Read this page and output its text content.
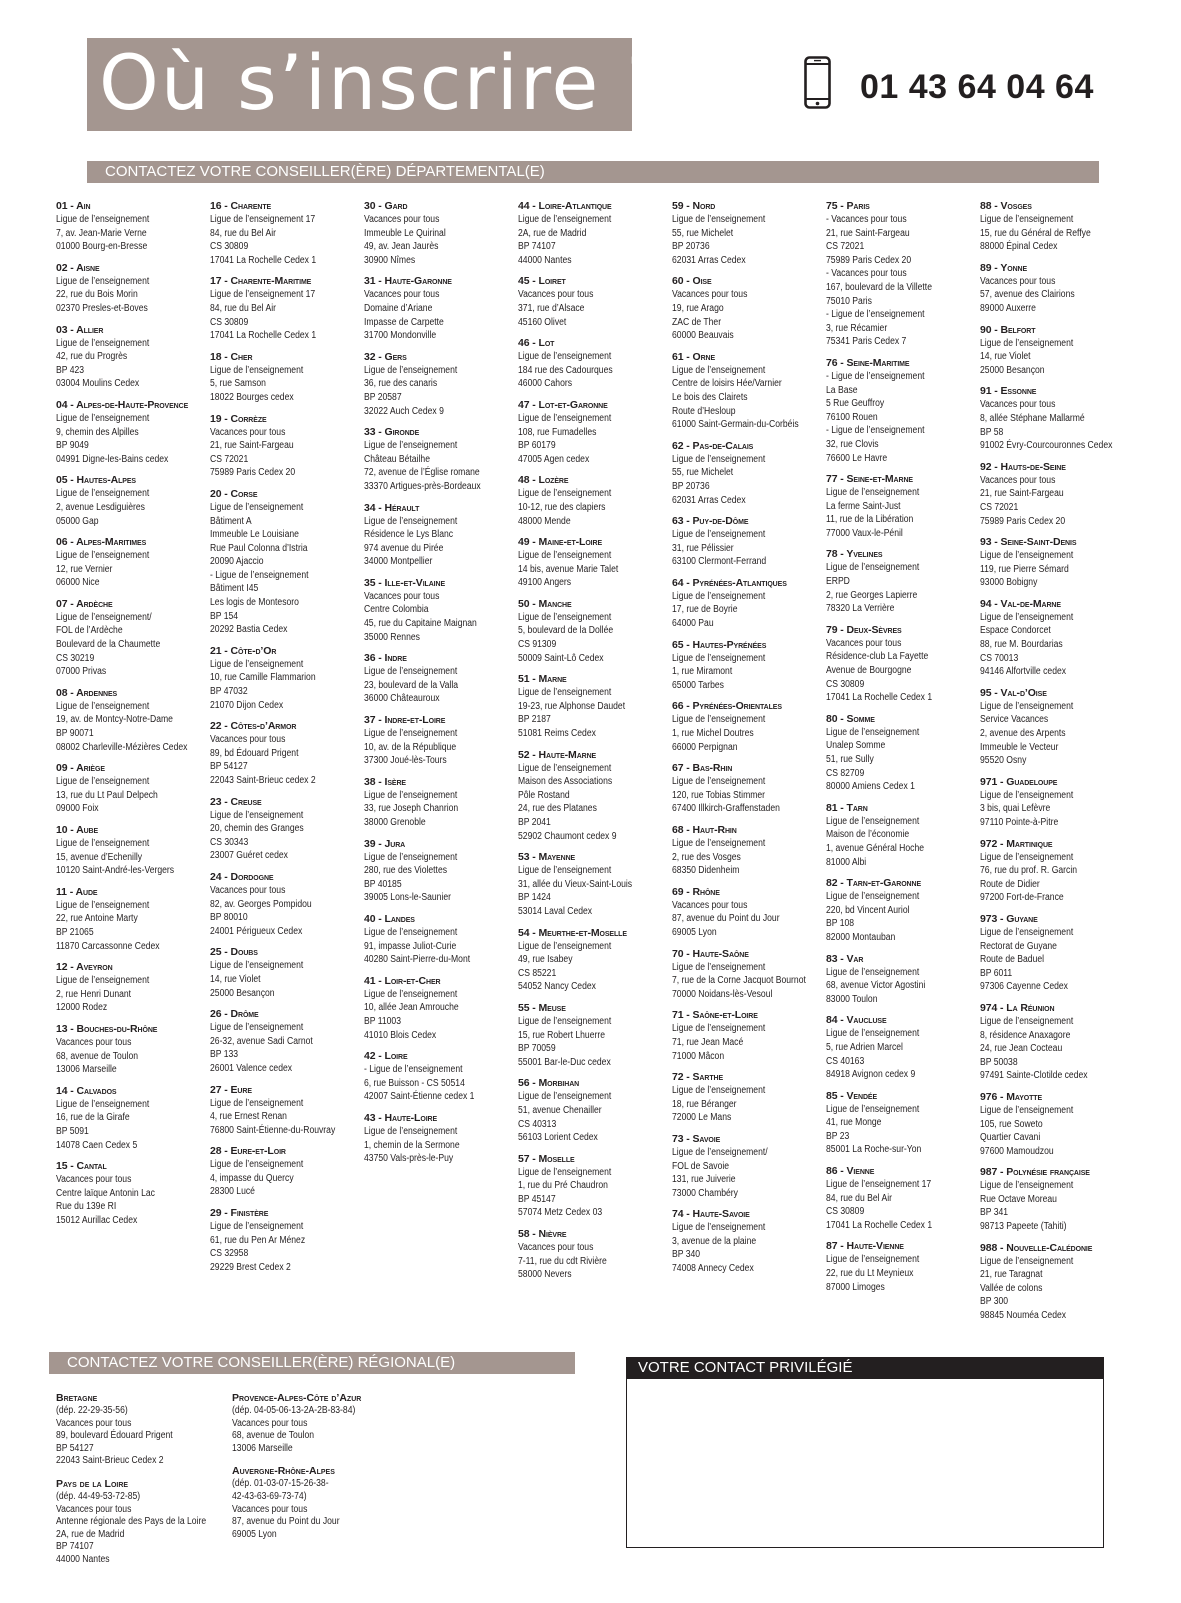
Où s’inscrire ?	01 43 64 04 64
CONTACTEZ VOTRE CONSEILLER(ÈRE) DÉPARTEMENTAL(E)
01 - Ain
Ligue de l’enseignement
7, av. Jean-Marie Verne
01000 Bourg-en-Bresse
02 - Aisne
Ligue de l’enseignement
22, rue du Bois Morin
02370 Presles-et-Boves
03 - Allier
Ligue de l’enseignement
42, rue du Progrès
BP 423
03004 Moulins Cedex
04 - Alpes-de-Haute-Provence
Ligue de l’enseignement
9, chemin des Alpilles
BP 9049
04991 Digne-les-Bains cedex
05 - Hautes-Alpes
Ligue de l’enseignement
2, avenue Lesdiguières
05000 Gap
06 - Alpes-Maritimes
Ligue de l’enseignement
12, rue Vernier
06000 Nice
07 - Ardèche
Ligue de l’enseignement/
FOL de l’Ardèche
Boulevard de la Chaumette
CS 30219
07000 Privas
08 - Ardennes
Ligue de l’enseignement
19, av. de Montcy-Notre-Dame
BP 90071
08002 Charleville-Mézières Cedex
09 - Ariège
Ligue de l’enseignement
13, rue du Lt Paul Delpech
09000 Foix
10 - Aube
Ligue de l’enseignement
15, avenue d’Echenilly
10120 Saint-André-les-Vergers
11 - Aude
Ligue de l’enseignement
22, rue Antoine Marty
BP 21065
11870 Carcassonne Cedex
12 - Aveyron
Ligue de l’enseignement
2, rue Henri Dunant
12000 Rodez
13 - Bouches-du-Rhône
Vacances pour tous
68, avenue de Toulon
13006 Marseille
14 - Calvados
Ligue de l’enseignement
16, rue de la Girafe
BP 5091
14078 Caen Cedex 5
15 - Cantal
Vacances pour tous
Centre laïque Antonin Lac
Rue du 139e RI
15012 Aurillac Cedex
16 - Charente
Ligue de l’enseignement 17
84, rue du Bel Air
CS 30809
17041 La Rochelle Cedex 1
17 - Charente-Maritime
Ligue de l’enseignement 17
84, rue du Bel Air
CS 30809
17041 La Rochelle Cedex 1
18 - Cher
Ligue de l’enseignement
5, rue Samson
18022 Bourges cedex
19 - Corrèze
Vacances pour tous
21, rue Saint-Fargeau
CS 72021
75989 Paris Cedex 20
20 - Corse
Ligue de l’enseignement
Bâtiment A
Immeuble Le Louisiane
Rue Paul Colonna d’Istria
20090 Ajaccio
- Ligue de l’enseignement
Bâtiment I45
Les logis de Montesoro
BP 154
20292 Bastia Cedex
21 - Côte-d’Or
Ligue de l’enseignement
10, rue Camille Flammarion
BP 47032
21070 Dijon Cedex
22 - Côtes-d’Armor
Vacances pour tous
89, bd Édouard Prigent
BP 54127
22043 Saint-Brieuc cedex 2
23 - Creuse
Ligue de l’enseignement
20, chemin des Granges
CS 30343
23007 Guéret cedex
24 - Dordogne
Vacances pour tous
82, av. Georges Pompidou
BP 80010
24001 Périgueux Cedex
25 - Doubs
Ligue de l’enseignement
14, rue Violet
25000 Besançon
26 - Drôme
Ligue de l’enseignement
26-32, avenue Sadi Carnot
BP 133
26001 Valence cedex
27 - Eure
Ligue de l’enseignement
4, rue Ernest Renan
76800 Saint-Étienne-du-Rouvray
28 - Eure-et-Loir
Ligue de l’enseignement
4, impasse du Quercy
28300 Lucé
29 - Finistère
Ligue de l’enseignement
61, rue du Pen Ar Ménez
CS 32958
29229 Brest Cedex 2
30 - Gard
Vacances pour tous
Immeuble Le Quirinal
49, av. Jean Jaurès
30900 Nîmes
31 - Haute-Garonne
Vacances pour tous
Domaine d’Ariane
Impasse de Carpette
31700 Mondonville
32 - Gers
Ligue de l’enseignement
36, rue des canaris
BP 20587
32022 Auch Cedex 9
33 - Gironde
Ligue de l’enseignement
Château Bétailhe
72, avenue de l’Église romane
33370 Artigues-près-Bordeaux
34 - Hérault
Ligue de l’enseignement
Résidence le Lys Blanc
974 avenue du Pirée
34000 Montpellier
35 - Ille-et-Vilaine
Vacances pour tous
Centre Colombia
45, rue du Capitaine Maignan
35000 Rennes
36 - Indre
Ligue de l’enseignement
23, boulevard de la Valla
36000 Châteauroux
37 - Indre-et-Loire
Ligue de l’enseignement
10, av. de la République
37300 Joué-lès-Tours
38 - Isère
Ligue de l’enseignement
33, rue Joseph Chanrion
38000 Grenoble
39 - Jura
Ligue de l’enseignement
280, rue des Violettes
BP 40185
39005 Lons-le-Saunier
40 - Landes
Ligue de l’enseignement
91, impasse Juliot-Curie
40280 Saint-Pierre-du-Mont
41 - Loir-et-Cher
Ligue de l’enseignement
10, allée Jean Amrouche
BP 11003
41010 Blois Cedex
42 - Loire
- Ligue de l’enseignement
6, rue Buisson - CS 50514
42007 Saint-Étienne cedex 1
43 - Haute-Loire
Ligue de l’enseignement
1, chemin de la Sermone
43750 Vals-près-le-Puy
44 - Loire-Atlantique
Ligue de l’enseignement
2A, rue de Madrid
BP 74107
44000 Nantes
45 - Loiret
Vacances pour tous
371, rue d’Alsace
45160 Olivet
46 - Lot
Ligue de l’enseignement
184 rue des Cadourques
46000 Cahors
47 - Lot-et-Garonne
Ligue de l’enseignement
108, rue Fumadelles
BP 60179
47005 Agen cedex
48 - Lozère
Ligue de l’enseignement
10-12, rue des clapiers
48000 Mende
49 - Maine-et-Loire
Ligue de l’enseignement
14 bis, avenue Marie Talet
49100 Angers
50 - Manche
Ligue de l’enseignement
5, boulevard de la Dollée
CS 91309
50009 Saint-Lô Cedex
51 - Marne
Ligue de l’enseignement
19-23, rue Alphonse Daudet
BP 2187
51081 Reims Cedex
52 - Haute-Marne
Ligue de l’enseignement
Maison des Associations
Pôle Rostand
24, rue des Platanes
BP 2041
52902 Chaumont cedex 9
53 - Mayenne
Ligue de l’enseignement
31, allée du Vieux-Saint-Louis
BP 1424
53014 Laval Cedex
54 - Meurthe-et-Moselle
Ligue de l’enseignement
49, rue Isabey
CS 85221
54052 Nancy Cedex
55 - Meuse
Ligue de l’enseignement
15, rue Robert Lhuerre
BP 70059
55001 Bar-le-Duc cedex
56 - Morbihan
Ligue de l’enseignement
51, avenue Chenailler
CS 40313
56103 Lorient Cedex
57 - Moselle
Ligue de l’enseignement
1, rue du Pré Chaudron
BP 45147
57074 Metz Cedex 03
58 - Nièvre
Vacances pour tous
7-11, rue du cdt Rivière
58000 Nevers
59 - Nord
Ligue de l’enseignement
55, rue Michelet
BP 20736
62031 Arras Cedex
60 - Oise
Vacances pour tous
19, rue Arago
ZAC de Ther
60000 Beauvais
61 - Orne
Ligue de l’enseignement
Centre de loisirs Hée/Varnier
Le bois des Clairets
Route d’Hesloup
61000 Saint-Germain-du-Corbéis
62 - Pas-de-Calais
Ligue de l’enseignement
55, rue Michelet
BP 20736
62031 Arras Cedex
63 - Puy-de-Dôme
Ligue de l’enseignement
31, rue Pélissier
63100 Clermont-Ferrand
64 - Pyrénées-Atlantiques
Ligue de l’enseignement
17, rue de Boyrie
64000 Pau
65 - Hautes-Pyrénées
Ligue de l’enseignement
1, rue Miramont
65000 Tarbes
66 - Pyrénées-Orientales
Ligue de l’enseignement
1, rue Michel Doutres
66000 Perpignan
67 - Bas-Rhin
Ligue de l’enseignement
120, rue Tobias Stimmer
67400 Illkirch-Graffenstaden
68 - Haut-Rhin
Ligue de l’enseignement
2, rue des Vosges
68350 Didenheim
69 - Rhône
Vacances pour tous
87, avenue du Point du Jour
69005 Lyon
70 - Haute-Saône
Ligue de l’enseignement
7, rue de la Corne Jacquot Bournot
70000 Noidans-lès-Vesoul
71 - Saône-et-Loire
Ligue de l’enseignement
71, rue Jean Macé
71000 Mâcon
72 - Sarthe
Ligue de l’enseignement
18, rue Béranger
72000 Le Mans
73 - Savoie
Ligue de l’enseignement/
FOL de Savoie
131, rue Juiverie
73000 Chambéry
74 - Haute-Savoie
Ligue de l’enseignement
3, avenue de la plaine
BP 340
74008 Annecy Cedex
75 - Paris
- Vacances pour tous
21, rue Saint-Fargeau
CS 72021
75989 Paris Cedex 20
- Vacances pour tous
167, boulevard de la Villette
75010 Paris
- Ligue de l’enseignement
3, rue Récamier
75341 Paris Cedex 7
76 - Seine-Maritime
- Ligue de l’enseignement
La Base
5 Rue Geuffroy
76100 Rouen
- Ligue de l’enseignement
32, rue Clovis
76600 Le Havre
77 - Seine-et-Marne
Ligue de l’enseignement
La ferme Saint-Just
11, rue de la Libération
77000 Vaux-le-Pénil
78 - Yvelines
Ligue de l’enseignement
ERPD
2, rue Georges Lapierre
78320 La Verrière
79 - Deux-Sèvres
Vacances pour tous
Résidence-club La Fayette
Avenue de Bourgogne
CS 30809
17041 La Rochelle Cedex 1
80 - Somme
Ligue de l’enseignement
Unalep Somme
51, rue Sully
CS 82709
80000 Amiens Cedex 1
81 - Tarn
Ligue de l’enseignement
Maison de l’économie
1, avenue Général Hoche
81000 Albi
82 - Tarn-et-Garonne
Ligue de l’enseignement
220, bd Vincent Auriol
BP 108
82000 Montauban
83 - Var
Ligue de l’enseignement
68, avenue Victor Agostini
83000 Toulon
84 - Vaucluse
Ligue de l’enseignement
5, rue Adrien Marcel
CS 40163
84918 Avignon cedex 9
85 - Vendée
Ligue de l’enseignement
41, rue Monge
BP 23
85001 La Roche-sur-Yon
86 - Vienne
Ligue de l’enseignement 17
84, rue du Bel Air
CS 30809
17041 La Rochelle Cedex 1
87 - Haute-Vienne
Ligue de l’enseignement
22, rue du Lt Meynieux
87000 Limoges
88 - Vosges
Ligue de l’enseignement
15, rue du Général de Reffye
88000 Épinal Cedex
89 - Yonne
Vacances pour tous
57, avenue des Clairions
89000 Auxerre
90 - Belfort
Ligue de l’enseignement
14, rue Violet
25000 Besançon
91 - Essonne
Vacances pour tous
8, allée Stéphane Mallarmé
BP 58
91002 Évry-Courcouronnes Cedex
92 - Hauts-de-Seine
Vacances pour tous
21, rue Saint-Fargeau
CS 72021
75989 Paris Cedex 20
93 - Seine-Saint-Denis
Ligue de l’enseignement
119, rue Pierre Sémard
93000 Bobigny
94 - Val-de-Marne
Ligue de l’enseignement
Espace Condorcet
88, rue M. Bourdarias
CS 70013
94146 Alfortville cedex
95 - Val-d’Oise
Ligue de l’enseignement
Service Vacances
2, avenue des Arpents
Immeuble le Vecteur
95520 Osny
971 - Guadeloupe
Ligue de l’enseignement
3 bis, quai Lefèvre
97110 Pointe-à-Pitre
972 - Martinique
Ligue de l’enseignement
76, rue du prof. R. Garcin
Route de Didier
97200 Fort-de-France
973 - Guyane
Ligue de l’enseignement
Rectorat de Guyane
Route de Baduel
BP 6011
97306 Cayenne Cedex
974 - La Réunion
Ligue de l’enseignement
8, résidence Anaxagore
24, rue Jean Cocteau
BP 50038
97491 Sainte-Clotilde cedex
976 - Mayotte
Ligue de l’enseignement
105, rue Soweto
Quartier Cavani
97600 Mamoudzou
987 - Polynésie française
Ligue de l’enseignement
Rue Octave Moreau
BP 341
98713 Papeete (Tahiti)
988 - Nouvelle-Calédonie
Ligue de l’enseignement
21, rue Taragnat
Vallée de colons
BP 300
98845 Nouméa Cedex
CONTACTEZ VOTRE CONSEILLER(ÈRE) RÉGIONAL(E)
Bretagne
(dép. 22-29-35-56)
Vacances pour tous
89, boulevard Édouard Prigent
BP 54127
22043 Saint-Brieuc Cedex 2
Pays de la Loire
(dép. 44-49-53-72-85)
Vacances pour tous
Antenne régionale des Pays de la Loire
2A, rue de Madrid
BP 74107
44000 Nantes
Provence-Alpes-Côte d’Azur
(dép. 04-05-06-13-2A-2B-83-84)
Vacances pour tous
68, avenue de Toulon
13006 Marseille
Auvergne-Rhône-Alpes
(dép. 01-03-07-15-26-38-
42-43-63-69-73-74)
Vacances pour tous
87, avenue du Point du Jour
69005 Lyon
VOTRE CONTACT PRIVILÉGIÉ
